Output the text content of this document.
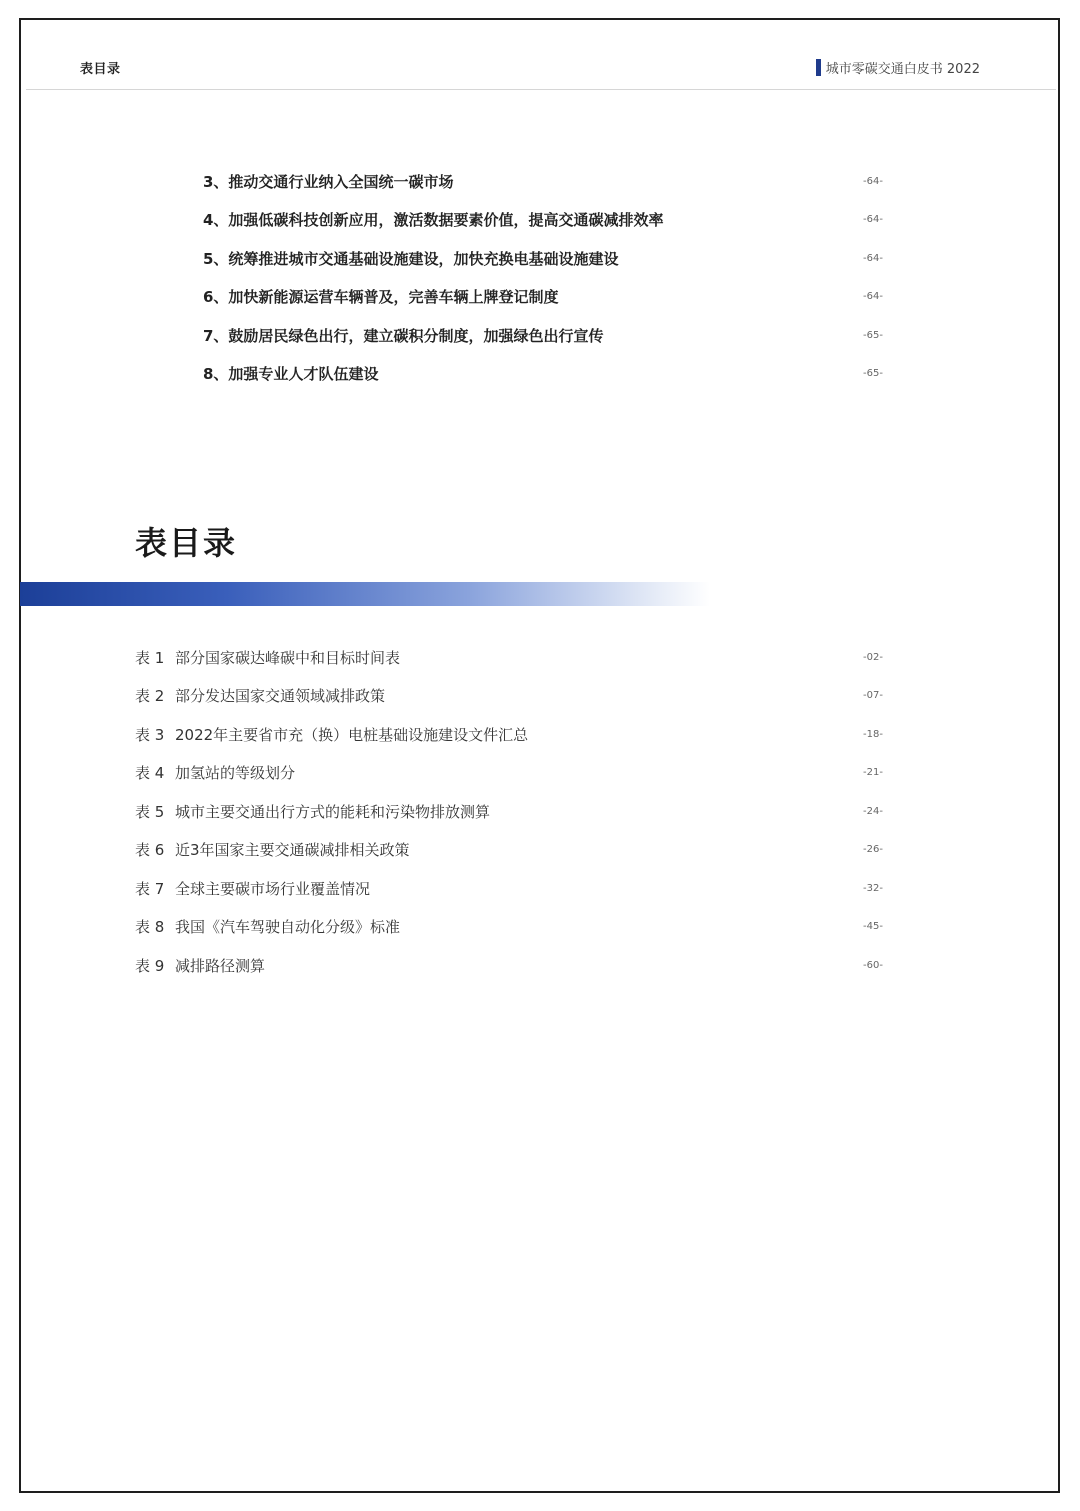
表目录	城市零碳交通白皮书 2022
3、推动交通行业纳入全国统一碳市场	-64-
4、加强低碳科技创新应用，激活数据要素价值，提高交通碳减排效率	-64-
5、统筹推进城市交通基础设施建设，加快充换电基础设施建设	-64-
6、加快新能源运营车辆普及，完善车辆上牌登记制度	-64-
7、鼓励居民绿色出行，建立碳积分制度，加强绿色出行宣传	-65-
8、加强专业人才队伍建设	-65-
表目录
表 1 部分国家碳达峰碳中和目标时间表	-02-
表 2 部分发达国家交通领域减排政策	-07-
表 3 2022年主要省市充（换）电桩基础设施建设文件汇总	-18-
表 4 加氢站的等级划分	-21-
表 5 城市主要交通出行方式的能耗和污染物排放测算	-24-
表 6 近3年国家主要交通碳减排相关政策	-26-
表 7 全球主要碳市场行业覆盖情况	-32-
表 8 我国《汽车驾驶自动化分级》标准	-45-
表 9 减排路径测算	-60-
